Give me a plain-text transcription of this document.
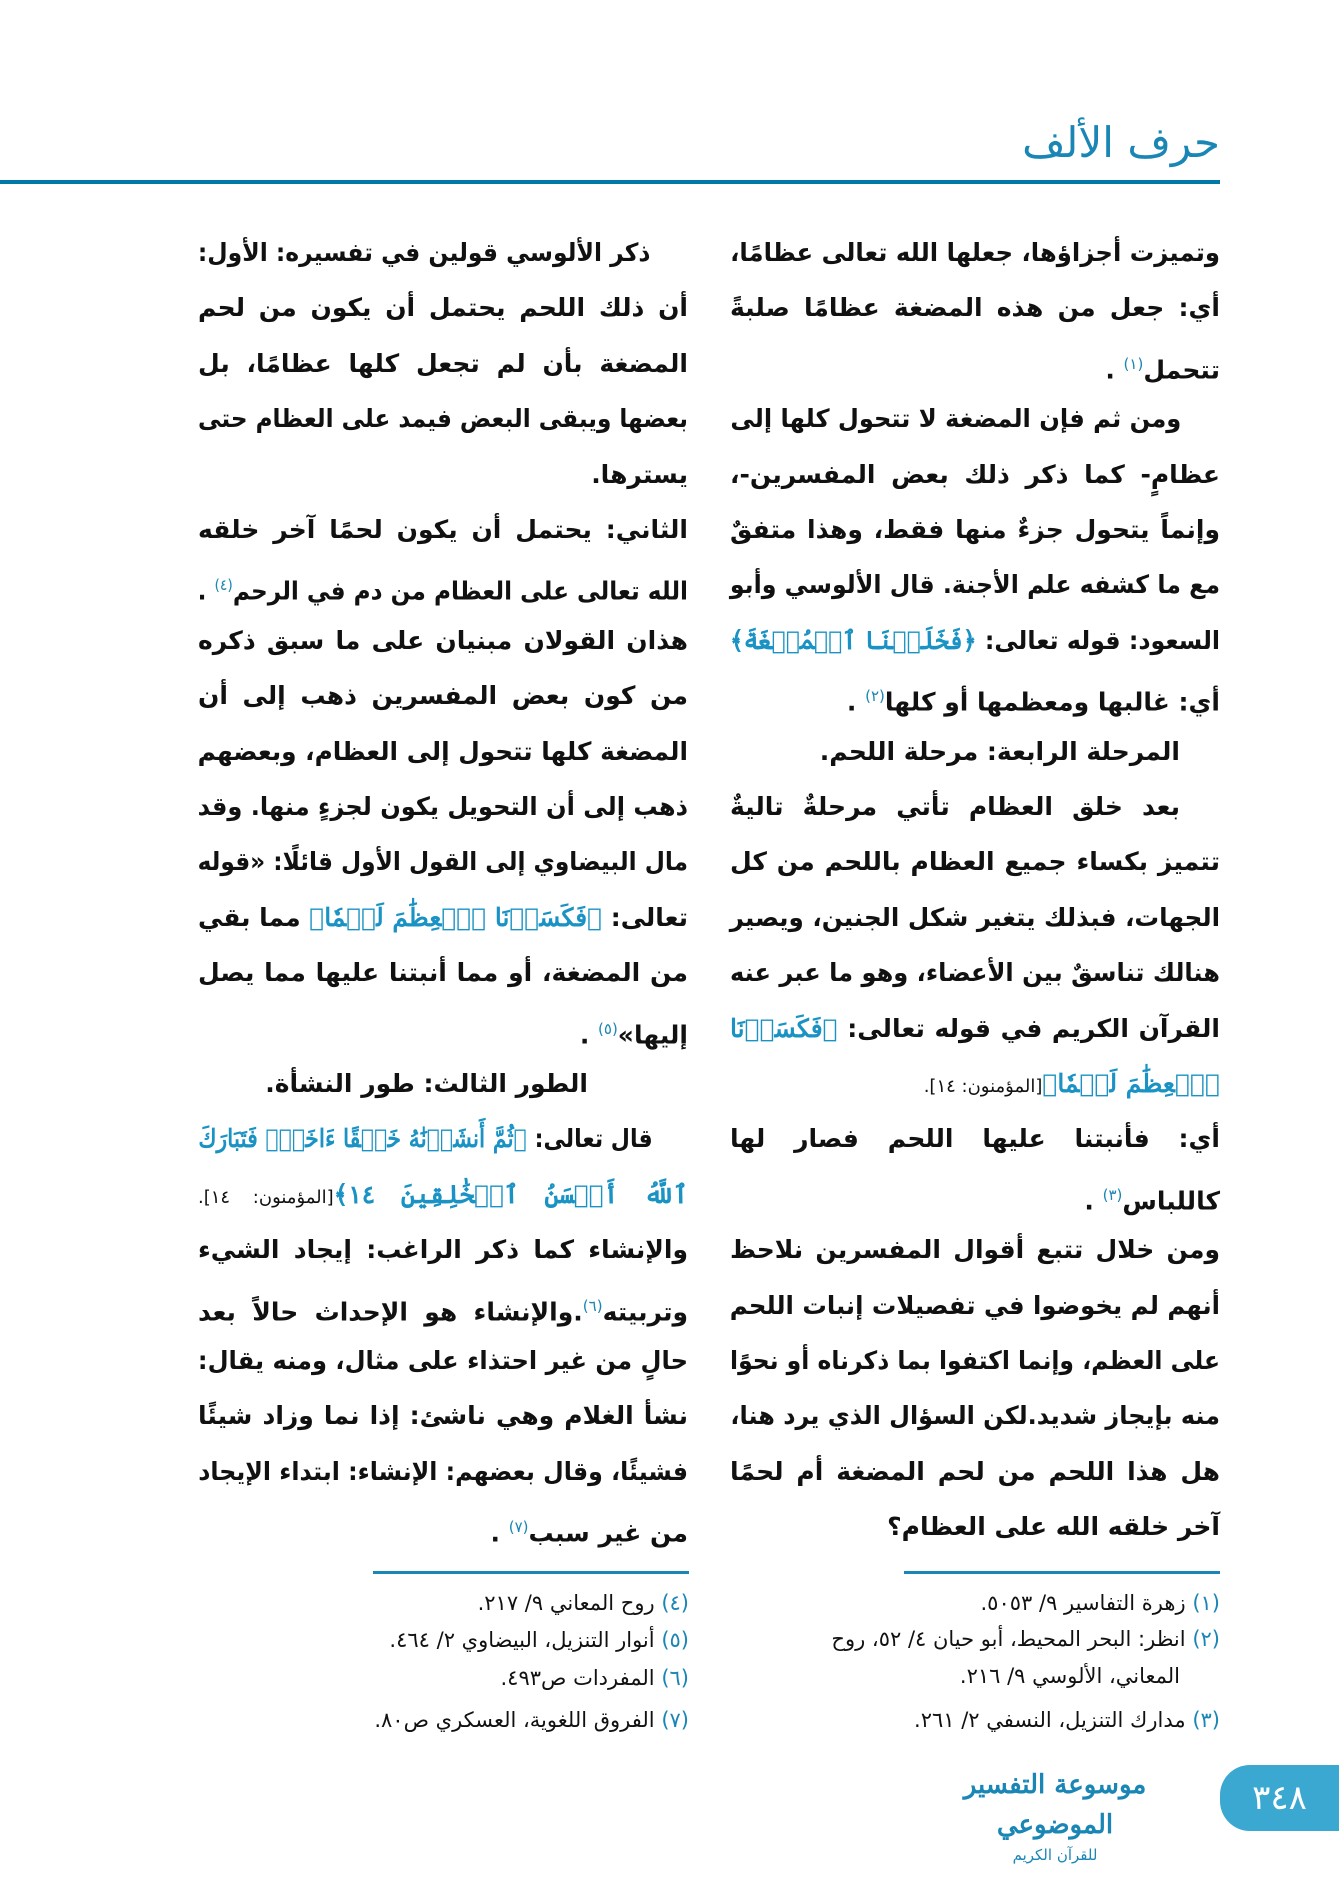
حرف الألف
وتميزت أجزاؤها، جعلها الله تعالى عظامًا،
أي: جعل من هذه المضغة عظامًا صلبةً
تتحمل$^{(١)}$ .
ومن ثم فإن المضغة لا تتحول كلها إلى
عظامٍ- كما ذكر ذلك بعض المفسرين-،
وإنماً يتحول جزءٌ منها فقط، وهذا متفقٌ
مع ما كشفه علم الأجنة. قال الألوسي وأبو
السعود: قوله تعالى: ﴿فَخَلَقۡنَا ٱلۡمُضۡغَةَ﴾
أي: غالبها ومعظمها أو كلها$^{(٢)}$ .
المرحلة الرابعة: مرحلة اللحم.
بعد خلق العظام تأتي مرحلةٌ تاليةٌ
تتميز بكساء جميع العظام باللحم من كل
الجهات، فبذلك يتغير شكل الجنين، ويصير
هنالك تناسقٌ بين الأعضاء، وهو ما عبر عنه
القرآن الكريم في قوله تعالى: ﴿فَكَسَوۡنَا
ٱلۡعِظَٰمَ لَحۡمٗا﴾[المؤمنون: ١٤].
أي: فأنبتنا عليها اللحم فصار لها
كاللباس$^{(٣)}$ .
ومن خلال تتبع أقوال المفسرين نلاحظ
أنهم لم يخوضوا في تفصيلات إنبات اللحم
على العظم، وإنما اكتفوا بما ذكرناه أو نحوًا
منه بإيجاز شديد.لكن السؤال الذي يرد هنا،
هل هذا اللحم من لحم المضغة أم لحمًا
آخر خلقه الله على العظام؟
ذكر الألوسي قولين في تفسيره: الأول:
أن ذلك اللحم يحتمل أن يكون من لحم
المضغة بأن لم تجعل كلها عظامًا، بل
بعضها ويبقى البعض فيمد على العظام حتى
يسترها.
الثاني: يحتمل أن يكون لحمًا آخر خلقه
الله تعالى على العظام من دم في الرحم$^{(٤)}$ .
هذان القولان مبنيان على ما سبق ذكره
من كون بعض المفسرين ذهب إلى أن
المضغة كلها تتحول إلى العظام، وبعضهم
ذهب إلى أن التحويل يكون لجزءٍ منها. وقد
مال البيضاوي إلى القول الأول قائلًا: «قوله
تعالى: ﴿فَكَسَوۡنَا ٱلۡعِظَٰمَ لَحۡمٗا﴾ مما بقي
من المضغة، أو مما أنبتنا عليها مما يصل
إليها»$^{(٥)}$ .
الطور الثالث: طور النشأة.
قال تعالى: ﴿ثُمَّ أَنشَأۡنَٰهُ خَلۡقًا ءَاخَرَۚ فَتَبَارَكَ
ٱللَّهُ أَحۡسَنُ ٱلۡخَٰلِقِينَ ١٤﴾[المؤمنون: ١٤].
والإنشاء كما ذكر الراغب: إيجاد الشيء
وتربيته$^{(٦)}$.والإنشاء هو الإحداث حالاً بعد
حالٍ من غير احتذاء على مثال، ومنه يقال:
نشأ الغلام وهي ناشئ: إذا نما وزاد شيئًا
فشيئًا، وقال بعضهم: الإنشاء: ابتداء الإيجاد
من غير سبب$^{(٧)}$ .
(١) زهرة التفاسير ٩/ ٥٠٥٣.
(٢) انظر: البحر المحيط، أبو حيان ٤/ ٥٢، روح
المعاني، الألوسي ٩/ ٢١٦.
(٣) مدارك التنزيل، النسفي ٢/ ٢٦١.
(٤) روح المعاني ٩/ ٢١٧.
(٥) أنوار التنزيل، البيضاوي ٢/ ٤٦٤.
(٦) المفردات ص٤٩٣.
(٧) الفروق اللغوية، العسكري ص٨٠.
موسوعة التفسير الموضوعي
للقرآن الكريم
٣٤٨
